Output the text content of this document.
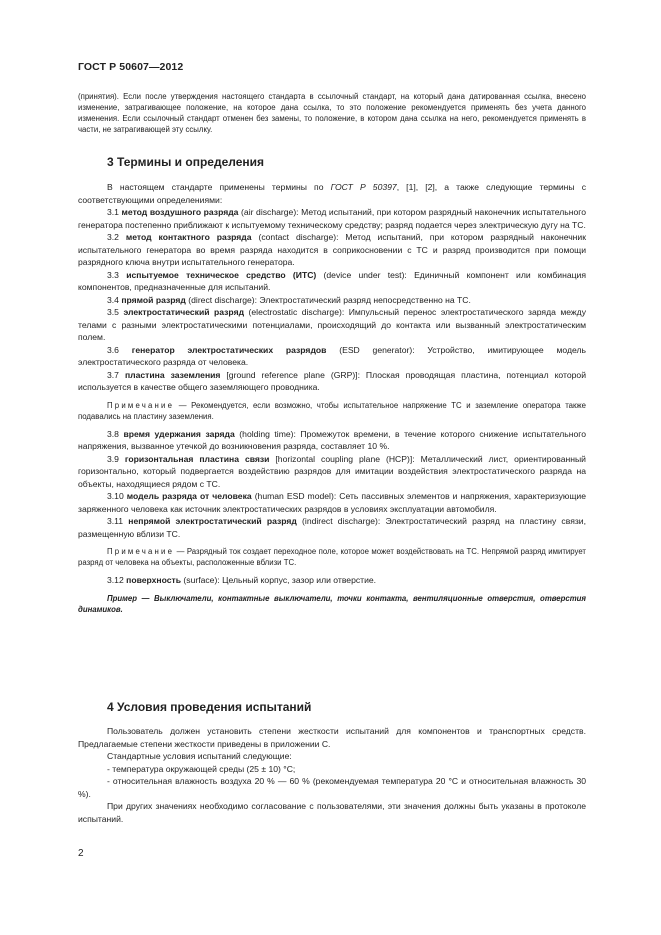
ГОСТ Р 50607—2012

(принятия). Если после утверждения настоящего стандарта в ссылочный стандарт, на который дана датированная ссылка, внесено изменение, затрагивающее положение, на которое дана ссылка, то это положение рекомендуется применять без учета данного изменения. Если ссылочный стандарт отменен без замены, то положение, в котором дана ссылка на него, рекомендуется применять в части, не затрагивающей эту ссылку.

3 Термины и определения

В настоящем стандарте применены термины по ГОСТ Р 50397, [1], [2], а также следующие термины с соответствующими определениями:

3.1 метод воздушного разряда (air discharge): Метод испытаний, при котором разрядный наконечник испытательного генератора постепенно приближают к испытуемому техническому средству; разряд подается через электрическую дугу на ТС.

3.2 метод контактного разряда (contact discharge): Метод испытаний, при котором разрядный наконечник испытательного генератора во время разряда находится в соприкосновении с ТС и разряд производится при помощи разрядного ключа внутри испытательного генератора.

3.3 испытуемое техническое средство (ИТС) (device under test): Единичный компонент или комбинация компонентов, предназначенные для испытаний.

3.4 прямой разряд (direct discharge): Электростатический разряд непосредственно на ТС.

3.5 электростатический разряд (electrostatic discharge): Импульсный перенос электростатического заряда между телами с разными электростатическими потенциалами, происходящий до контакта или вызванный электростатическим полем.

3.6 генератор электростатических разрядов (ESD generator): Устройство, имитирующее модель электростатического разряда от человека.

3.7 пластина заземления [ground reference plane (GRP)]: Плоская проводящая пластина, потенциал которой используется в качестве общего заземляющего проводника.

Примечание — Рекомендуется, если возможно, чтобы испытательное напряжение ТС и заземление оператора также подавались на пластину заземления.

3.8 время удержания заряда (holding time): Промежуток времени, в течение которого снижение испытательного напряжения, вызванное утечкой до возникновения разряда, составляет 10 %.

3.9 горизонтальная пластина связи [horizontal coupling plane (HCP)]: Металлический лист, ориентированный горизонтально, который подвергается воздействию разрядов для имитации воздействия электростатического разряда на объекты, находящиеся рядом с ТС.

3.10 модель разряда от человека (human ESD model): Сеть пассивных элементов и напряжения, характеризующие заряженного человека как источник электростатических разрядов в условиях эксплуатации автомобиля.

3.11 непрямой электростатический разряд (indirect discharge): Электростатический разряд на пластину связи, размещенную вблизи ТС.

Примечание — Разрядный ток создает переходное поле, которое может воздействовать на ТС. Непрямой разряд имитирует разряд от человека на объекты, расположенные вблизи ТС.

3.12 поверхность (surface): Цельный корпус, зазор или отверстие.

Пример — Выключатели, контактные выключатели, точки контакта, вентиляционные отверстия, отверстия динамиков.

4 Условия проведения испытаний

Пользователь должен установить степени жесткости испытаний для компонентов и транспортных средств. Предлагаемые степени жесткости приведены в приложении С.

Стандартные условия испытаний следующие:

- температура окружающей среды (25 ± 10) °С;

- относительная влажность воздуха 20 % — 60 % (рекомендуемая температура 20 °С и относительная влажность 30 %).

При других значениях необходимо согласование с пользователями, эти значения должны быть указаны в протоколе испытаний.

2
